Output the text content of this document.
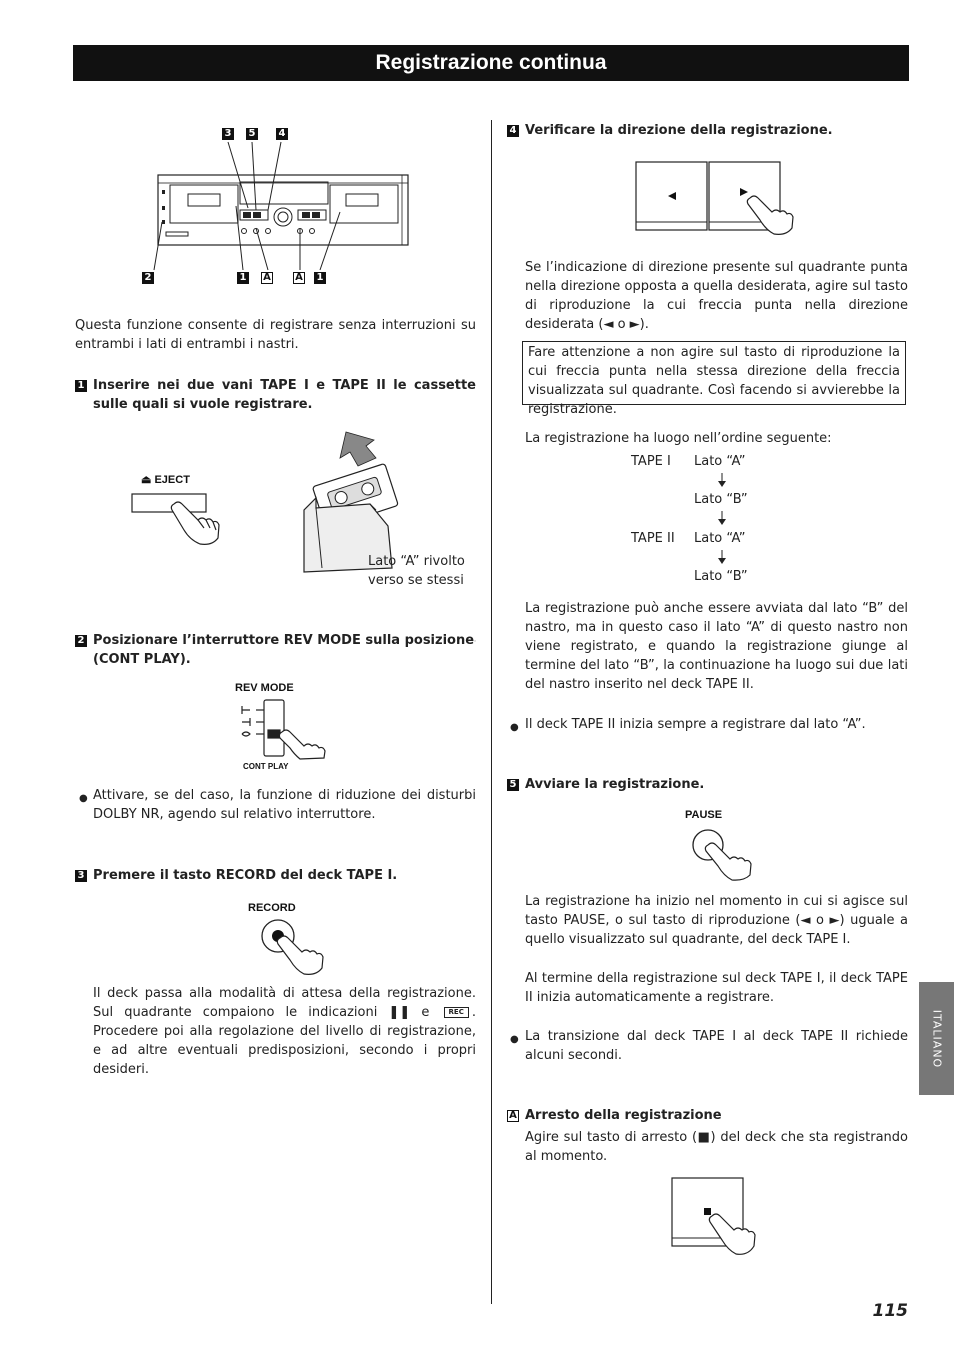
Registrazione continua
3 5 4
2	1 A A 1
Questa funzione consente di registrare senza interruzioni su entrambi i lati di entrambi i nastri.
1 Inserire nei due vani TAPE I e TAPE II le cassette sulle quali si vuole registrare.
⏏ EJECT
Lato “A” rivolto
verso se stessi
2 Posizionare l’interruttore REV MODE sulla posizione
(CONT PLAY).
REV MODE
CONT PLAY
● Attivare, se del caso, la funzione di riduzione dei disturbi DOLBY NR, agendo sul relativo interruttore.
3 Premere il tasto RECORD del deck TAPE I.
RECORD
Il deck passa alla modalità di attesa della registrazione. Sul quadrante compaiono le indicazioni ❚❚ e	REC . Procedere poi alla regolazione del livello di registrazione, e ad altre eventuali predisposizioni, secondo i propri desideri.
4 Verificare la direzione della registrazione.
Se l’indicazione di direzione presente sul quadrante punta nella direzione opposta a quella desiderata, agire sul tasto di riproduzione la cui freccia punta nella direzione desiderata (◄ o ►).
Fare attenzione a non agire sul tasto di riproduzione la cui freccia punta nella stessa direzione della freccia visualizzata sul quadrante. Così facendo si avvierebbe la registrazione.
La registrazione ha luogo nell’ordine seguente:
TAPE I Lato “A”
Lato “B”
TAPE II Lato “A”
Lato “B”
La registrazione può anche essere avviata dal lato “B” del nastro, ma in questo caso il lato “A” di questo nastro non viene registrato, e quando la registrazione giunge al termine del lato “B”, la continuazione ha luogo sui due lati del nastro inserito nel deck TAPE II.
● Il deck TAPE II inizia sempre a registrare dal lato “A”.
5 Avviare la registrazione.
PAUSE
La registrazione ha inizio nel momento in cui si agisce sul tasto PAUSE, o sul tasto di riproduzione (◄ o ►) uguale a quello visualizzato sul quadrante, del deck TAPE I.
Al termine della registrazione sul deck TAPE I, il deck TAPE II inizia automaticamente a registrare.
● La transizione dal deck TAPE I al deck TAPE II richiede alcuni secondi.
A Arresto della registrazione
Agire sul tasto di arresto (■) del deck che sta registrando al momento.
ITALIANO
115
